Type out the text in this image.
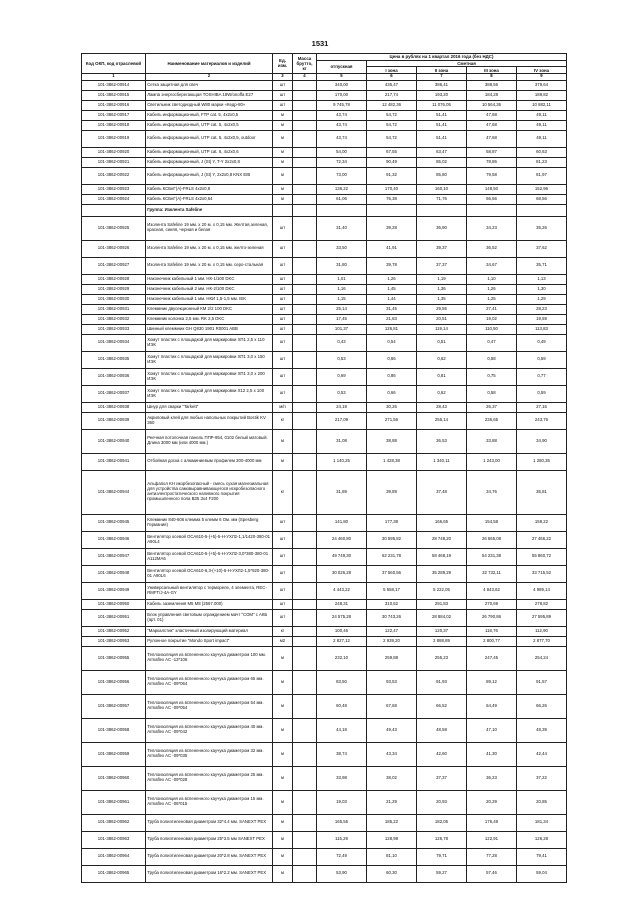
1531
Код ОКП, код отраслевой	Наименование материалов и изделий	Ед. изм.	Масса брутто, кг	Цена в рублях на 1 квартал 2016 года (без НДС)				
				отпускная	Сметная			
					I зона	II зона	III зона	IV зона
1	2	3	4	5	6	7	8	9
101-3862-00914	Сетка защитная для свеч	шт		340,00	435,47	386,41	388,56	379,64
101-3862-00915	Лампа энергосберегающая TOSHIBA 18W/onoffa E27	шт		170,00	217,74	193,20	184,28	189,82
101-3862-00916	Светильник светодиодный W80 марки «Кедр-80»	шт		9 745,78	12 482,36	11 076,05	10 564,36	10 882,11
101-3862-00917	Кабель информационный, FTP cat. 5, 4x2x0,5	м		43,74	54,72	51,41	47,68	49,11
101-3862-00918	Кабель информационный, UTP cat. 5, 4x2x0,5	м		43,74	54,72	51,41	47,68	49,11
101-3862-00919	Кабель информационный, UTP cat. 5, 4x2x0,5, outdoor	м		43,74	54,72	51,41	47,68	49,11
101-3862-00920	Кабель информационный, UTP cat. 6, 4x2x0,6	м		54,00	67,55	63,47	58,87	60,63
101-3862-00921	Кабель информационный, J (St) Y, T-Y 2x2x0,8	м		72,34	90,49	85,02	78,86	81,23
101-3862-00922	Кабель информационный, J (St) Y, 2x2x0,8 KNX EIB	м		73,00	91,32	85,80	79,58	81,97
101-3862-00923	Кабель КСБнГ(А)-FRLS 4x2x0,8	м		136,22	170,40	160,10	148,50	152,96
101-3862-00924	Кабель КСБнГ(А)-FRLS 4x2x0,64	м		61,06	76,38	71,76	66,56	68,56
	Группа: Изолента Safeline							
101-3862-00925	Изолента Safeline 19 мм. x 20 м. x 0,15 мм. Желтая,зеленая, красная, синяя, черная и белая	шт		31,40	39,28	36,90	34,23	35,26
101-3862-00926	Изолента Safeline 19 мм. x 20 м. x 0,15 мм. желто-зеленая	шт		33,50	41,91	39,37	36,52	37,62
101-3862-00927	Изолента Safeline 19 мм. x 20 м. x 0,15 мм. серо-стальная	шт		31,80	39,78	37,37	34,67	35,71
101-3862-00928	Наконечник кабельный 1 мм. НК-1/100 DKC	шт		1,01	1,26	1,19	1,10	1,13
101-3862-00929	Наконечник кабельный 2 мм. НК-2/100 DKC	шт		1,16	1,45	1,36	1,26	1,30
101-3862-00930	Наконечник кабельный 1 мм. НКИ 1,5-1,5 мм. IEK	шт		1,15	1,44	1,35	1,25	1,29
101-3862-00931	Клеммник двусекционный КМ 2/2 100 DKC	шт		25,14	31,45	29,55	27,41	28,23
101-3862-00932	Клеммник колонка 2,5 мм. RK 2,5 DKC	шт		17,45	21,83	20,51	19,02	19,59
101-3862-00933	Шинный клеммник GH Q830 1901 R0001 ABB	шт		101,37	126,81	119,14	110,50	113,83
101-3862-00934	Хомут пластик с площадкой для маркировки ХП1 2,5 x 110 ИЭК	шт		0,43	0,54	0,51	0,47	0,49
101-3862-00935	Хомут пластик с площадкой для маркировки ХП1 3,0 x 150 ИЭК	шт		0,53	0,66	0,62	0,58	0,59
101-3862-00936	Хомут пластик с площадкой для маркировки ХП1 3,0 x 200 ИЭК	шт		0,69	0,86	0,81	0,75	0,77
101-3862-00937	Хомут пластик с площадкой для маркировки Х12 2,5 x 100 ИЭК	шт		0,53	0,66	0,62	0,58	0,59
101-3862-00938	Шнур для сварки "Tarkett"	м/п		24,19	30,26	28,43	26,37	27,16
101-3862-00939	Акриловый клей для любых напольных покрытий Bostik KV 360	кг		217,09	271,56	255,14	236,65	243,76
101-3862-00940	Реечная потолочная панель ППР-954, 0102 белый матовый. Длина 3000 мм (или 4000 мм.)	м		31,08	38,88	36,53	33,88	34,90
101-3862-00941	Отбойная доска с алюминиевым профилем 200-4000 мм	м		1 140,25	1 428,38	1 340,11	1 243,00	1 280,35
101-3862-00944	Альфапол KH икорбезопасный - смесь сухая магнезиальная для устройства самовыравнивающегося искробезопасного антиэлектростатического наливного покрытия промышленного пола ВЗ5 3x4 F200	кг		31,89	39,89	37,48	34,76	35,81
101-3862-00945	Клеммник 840-606 клемма 5 клемм 6 Ом. мм (Spesberg Германия)	шт		141,80	177,38	166,65	154,58	159,22
101-3862-00946	Вентилятор осевой ОСА610-5-(+5)-5-Н-УХЛ2-1,1/1420-380-01 А90L4	шт		24 460,80	30 595,82	28 748,20	26 665,08	27 466,22
101-3862-00947	Вентилятор осевой ОСА610-5-(+5)-5-Н-УХЛ2-3,0*380-380-01 А112МА6	шт		49 749,30	62 231,78	58 468,19	54 231,38	55 860,72
101-3862-00948	Вентилятор осевой ОСА610-6,3-(+10)-5-Н-УХЛ2-1,5*920-380-01 А90L6	шт		30 026,28	37 560,56	35 289,29	32 732,11	33 715,52
101-3862-00949	Универсальный вентилятор с термореле, 4 элемента, REC-RMFT/J-4A-GY	шт		4 443,22	5 558,17	5 222,05	4 843,62	4 989,14
101-3862-00950	Кабель заземления М5 М8 (2567.000)	шт		248,31	310,62	291,83	270,69	278,82
101-3862-00951	Блок управления световым ограждением мачт "СОМ" с АКБ (арт. 01)	шт		24 575,28	30 743,26	28 884,02	26 790,86	27 595,89
101-3862-00952	"Маркалстик" эластичный изолирующий материал	кг		100,46	122,47	120,37	118,76	112,90
101-3862-00953	Рулонное покрытие "Mondo Sport impact"	м2		2 827,12	2 939,20	2 888,89	2 800,77	2 877,70
101-3862-00955	Теплоизоляция из вспененного каучука диаметром 100 мм. Armaflex AC -13*106	м		232,10	259,88	255,23	247,45	254,24
101-3862-00956	Теплоизоляция из вспененного каучука диаметром 65 мм. Armaflex AC -09*064	м		83,50	93,53	91,93	89,12	91,57
101-3862-00957	Теплоизоляция из вспененного каучука диаметром 54 мм. Armaflex AC -09*054	м		60,48	67,68	66,52	64,49	66,26
101-3862-00958	Теплоизоляция из вспененного каучука диаметром 40 мм. Armaflex AC -09*042	м		44,18	49,43	48,58	47,10	48,39
101-3862-00959	Теплоизоляция из вспененного каучука диаметром 32 мм. Armaflex AC -09*035	м		38,74	43,34	42,60	41,30	42,44
101-3862-00960	Теплоизоляция из вспененного каучука диаметром 25 мм. Armaflex AC -09*028	м		33,98	38,02	37,37	36,23	37,22
101-3862-00961	Теплоизоляция из вспененного каучука диаметром 15 мм. Armaflex AC -06*015	м		19,03	21,29	20,93	20,29	20,85
101-3862-00962	Труба полиэтиленовая диаметром 32*4.4 мм. SANEXT PEX	м		165,55	185,22	182,05	176,49	181,34
101-3862-00963	Труба полиэтиленовая диаметром 25*3.5 мм SANEXT PEX	м		115,29	128,98	126,78	122,91	126,28
101-3862-00964	Труба полиэтиленовая диаметром 20*2.8 мм. SANEXT PEX	м		72,49	81,10	79,71	77,28	79,41
101-3862-00965	Труба полиэтиленовая диаметром 16*2.2 мм. SANEXT PEX	м		53,90	60,30	59,27	57,46	59,04
